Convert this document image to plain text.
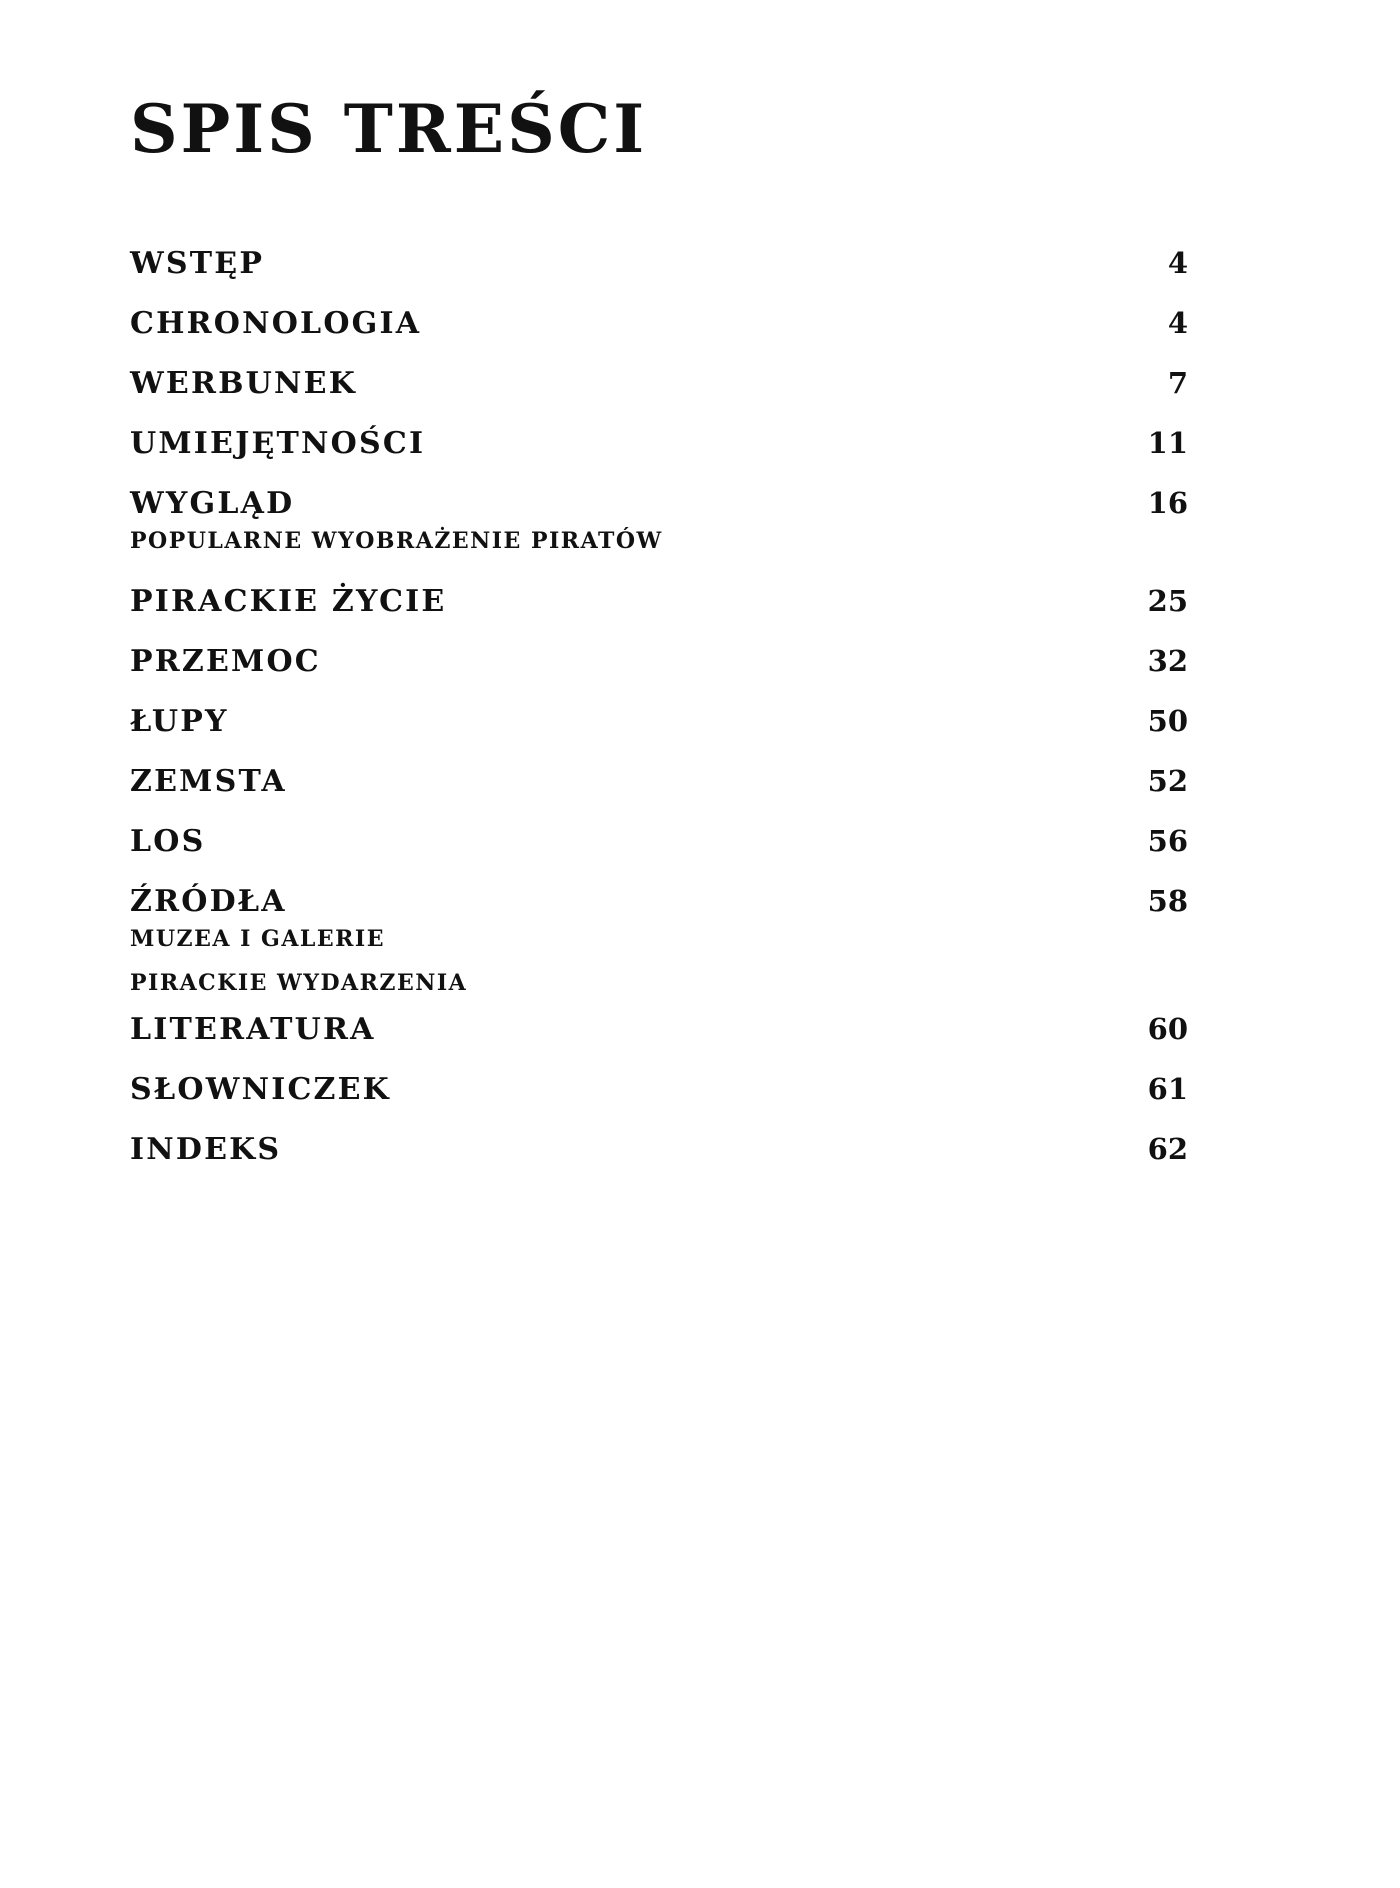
SPIS TREŚCI
WSTĘP	4
CHRONOLOGIA	4
WERBUNEK	7
UMIEJĘTNOŚCI	11
WYGLĄD	16
POPULARNE WYOBRAŻENIE PIRATÓW
PIRACKIE ŻYCIE	25
PRZEMOC	32
ŁUPY	50
ZEMSTA	52
LOS	56
ŹRÓDŁA	58
MUZEA I GALERIE
PIRACKIE WYDARZENIA
LITERATURA	60
SŁOWNICZEK	61
INDEKS	62
